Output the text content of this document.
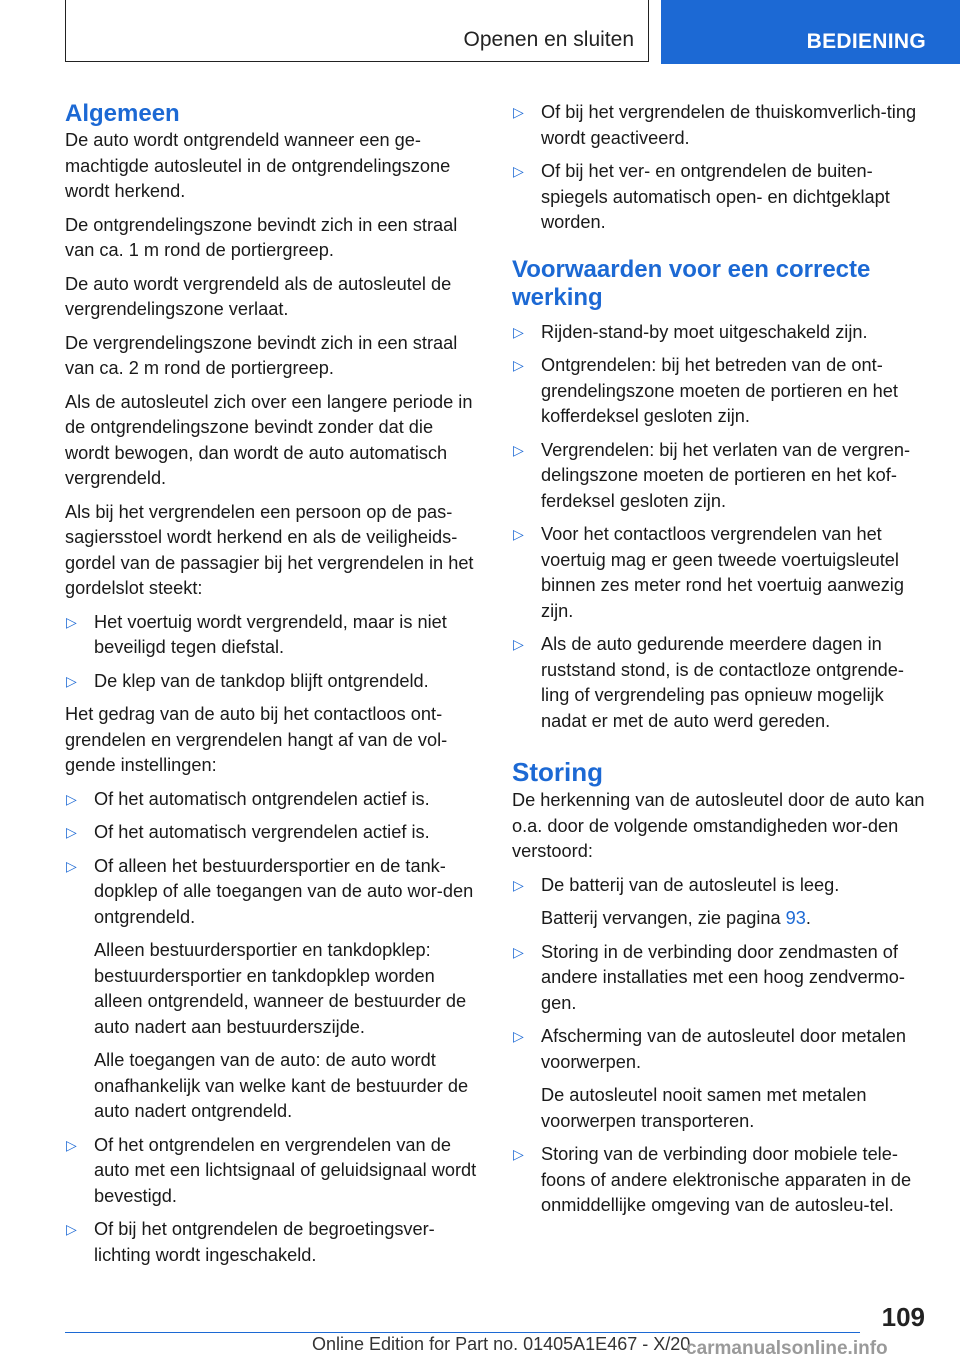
Openen en sluiten	BEDIENING
Algemeen

De auto wordt ontgrendeld wanneer een ge-machtigde autosleutel in de ontgrendelingszone wordt herkend.

De ontgrendelingszone bevindt zich in een straal van ca. 1 m rond de portiergreep.

De auto wordt vergrendeld als de autosleutel de vergrendelingszone verlaat.

De vergrendelingszone bevindt zich in een straal van ca. 2 m rond de portiergreep.

Als de autosleutel zich over een langere periode in de ontgrendelingszone bevindt zonder dat die wordt bewogen, dan wordt de auto automatisch vergrendeld.

Als bij het vergrendelen een persoon op de pas-sagiersstoel wordt herkend en als de veiligheids-gordel van de passagier bij het vergrendelen in het gordelslot steekt:

▷ Het voertuig wordt vergrendeld, maar is niet beveiligd tegen diefstal.
▷ De klep van de tankdop blijft ontgrendeld.

Het gedrag van de auto bij het contactloos ont-grendelen en vergrendelen hangt af van de vol-gende instellingen:

▷ Of het automatisch ontgrendelen actief is.
▷ Of het automatisch vergrendelen actief is.
▷ Of alleen het bestuurdersportier en de tank-dopklep of alle toegangen van de auto wor-den ontgrendeld.
Alleen bestuurdersportier en tankdopklep: bestuurdersportier en tankdopklep worden alleen ontgrendeld, wanneer de bestuurder de auto nadert aan bestuurderszijde.
Alle toegangen van de auto: de auto wordt onafhankelijk van welke kant de bestuurder de auto nadert ontgrendeld.
▷ Of het ontgrendelen en vergrendelen van de auto met een lichtsignaal of geluidsignaal wordt bevestigd.
▷ Of bij het ontgrendelen de begroetingsver-lichting wordt ingeschakeld.
▷ Of bij het vergrendelen de thuiskomverlich-ting wordt geactiveerd.
▷ Of bij het ver- en ontgrendelen de buiten-spiegels automatisch open- en dichtgeklapt worden.
Voorwaarden voor een correcte werking
▷ Rijden-stand-by moet uitgeschakeld zijn.
▷ Ontgrendelen: bij het betreden van de ont-grendelingszone moeten de portieren en het kofferdeksel gesloten zijn.
▷ Vergrendelen: bij het verlaten van de vergren-delingszone moeten de portieren en het kof-ferdeksel gesloten zijn.
▷ Voor het contactloos vergrendelen van het voertuig mag er geen tweede voertuigsleutel binnen zes meter rond het voertuig aanwezig zijn.
▷ Als de auto gedurende meerdere dagen in ruststand stond, is de contactloze ontgrende-ling of vergrendeling pas opnieuw mogelijk nadat er met de auto werd gereden.
Storing

De herkenning van de autosleutel door de auto kan o.a. door de volgende omstandigheden wor-den verstoord:

▷ De batterij van de autosleutel is leeg.
Batterij vervangen, zie pagina 93.
▷ Storing in de verbinding door zendmasten of andere installaties met een hoog zendvermo-gen.
▷ Afscherming van de autosleutel door metalen voorwerpen.
De autosleutel nooit samen met metalen voorwerpen transporteren.
▷ Storing van de verbinding door mobiele tele-foons of andere elektronische apparaten in de onmiddellijke omgeving van de autosleu-tel.
109
Online Edition for Part no. 01405A1E467 - X/20
carmanualsonline.info
